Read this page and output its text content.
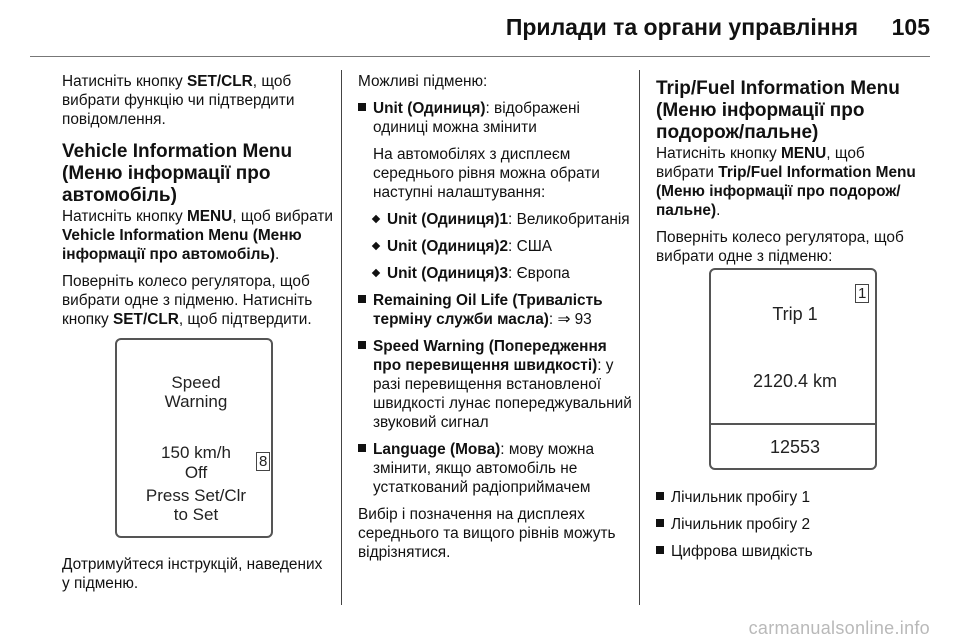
Прилади та органи управління 105

Натисніть кнопку SET/CLR, щоб вибрати функцію чи підтвердити повідомлення.

Vehicle Information Menu (Меню інформації про автомобіль)

Натисніть кнопку MENU, щоб вибрати Vehicle Information Menu (Меню інформації про автомобіль).

Поверніть колесо регулятора, щоб вибрати одне з підменю. Натисніть кнопку SET/CLR, щоб підтвердити.

Speed
Warning
150 km/h
Off
Press Set/Clr
to Set
8

Дотримуйтеся інструкцій, наведених у підменю.

Можливі підменю:

Unit (Одиниця): відображені одиниці можна змінити
На автомобілях з дисплеєм середнього рівня можна обрати наступні налаштування:
Unit (Одиниця)1: Великобританія
Unit (Одиниця)2: США
Unit (Одиниця)3: Європа
Remaining Oil Life (Тривалість терміну служби масла): ⇒ 93
Speed Warning (Попередження про перевищення швидкості): у разі перевищення встановленої швидкості лунає попереджувальний звуковий сигнал
Language (Мова): мову можна змінити, якщо автомобіль не устаткований радіоприймачем

Вибір і позначення на дисплеях середнього та вищого рівнів можуть відрізнятися.

Trip/Fuel Information Menu (Меню інформації про подорож/пальне)

Натисніть кнопку MENU, щоб вибрати Trip/Fuel Information Menu (Меню інформації про подорож/пальне).

Поверніть колесо регулятора, щоб вибрати одне з підменю:

Trip 1
2120.4 km
12553
1
Лічильник пробігу 1
Лічильник пробігу 2
Цифрова швидкість
carmanualsonline.info
